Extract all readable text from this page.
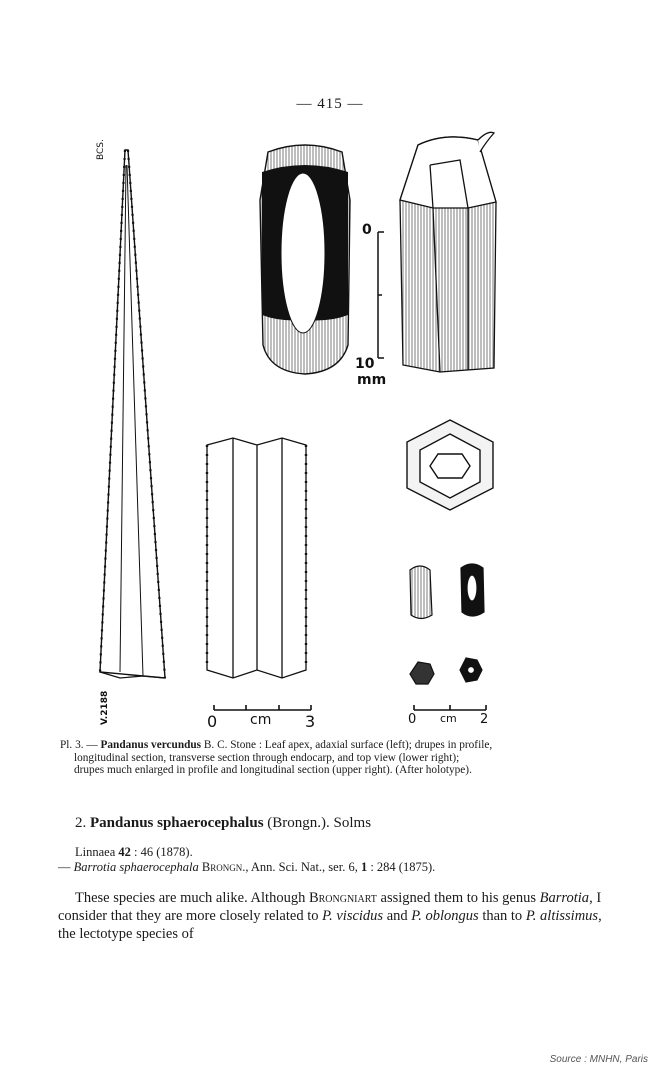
— 415 —
BCS.
V.2188
0
10
mm
0 cm 3	0 cm 2
Pl. 3. — Pandanus vercundus B. C. Stone : Leaf apex, adaxial surface (left); drupes in profile,
longitudinal section, transverse section through endocarp, and top view (lower right);
drupes much enlarged in profile and longitudinal section (upper right). (After holotype).
2. Pandanus sphaerocephalus (Brongn.). Solms
Linnaea 42 : 46 (1878).
— Barrotia sphaerocephala Brongn., Ann. Sci. Nat., ser. 6, 1 : 284 (1875).
These species are much alike. Although Brongniart assigned them to his genus Barrotia, I consider that they are more closely related to P. viscidus and P. oblongus than to P. altissimus, the lectotype species of
Source : MNHN, Paris
